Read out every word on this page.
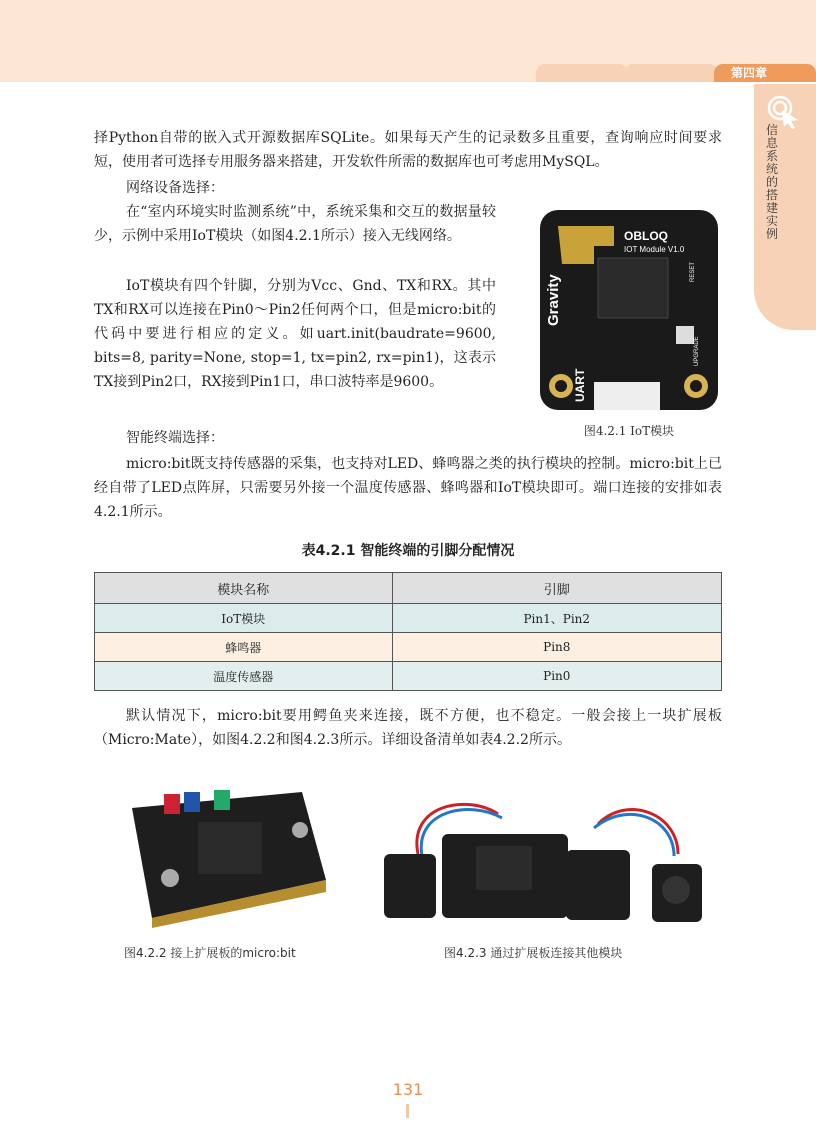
第四章
信息系统的搭建实例
择Python自带的嵌入式开源数据库SQLite。如果每天产生的记录数多且重要，查询响应时间要求短，使用者可选择专用服务器来搭建，开发软件所需的数据库也可考虑用MySQL。
网络设备选择：
在“室内环境实时监测系统”中，系统采集和交互的数据量较少，示例中采用IoT模块（如图4.2.1所示）接入无线网络。
IoT模块有四个针脚，分别为Vcc、Gnd、TX和RX。其中TX和RX可以连接在Pin0～Pin2任何两个口，但是micro:bit的代码中要进行相应的定义。如uart.init(baudrate=9600, bits=8, parity=None, stop=1, tx=pin2, rx=pin1)，这表示TX接到Pin2口，RX接到Pin1口，串口波特率是9600。
智能终端选择：
micro:bit既支持传感器的采集，也支持对LED、蜂鸣器之类的执行模块的控制。micro:bit上已经自带了LED点阵屏，只需要另外接一个温度传感器、蜂鸣器和IoT模块即可。端口连接的安排如表4.2.1所示。
OBLOQ
IOT Module V1.0
Gravity
UART
RESET
UPGRADE
图4.2.1 IoT模块
表4.2.1 智能终端的引脚分配情况
模块名称	引脚
IoT模块	Pin1、Pin2
蜂鸣器	Pin8
温度传感器	Pin0
默认情况下，micro:bit要用鳄鱼夹来连接，既不方便，也不稳定。一般会接上一块扩展板（Micro:Mate），如图4.2.2和图4.2.3所示。详细设备清单如表4.2.2所示。
图4.2.2 接上扩展板的micro:bit	图4.2.3 通过扩展板连接其他模块
131
